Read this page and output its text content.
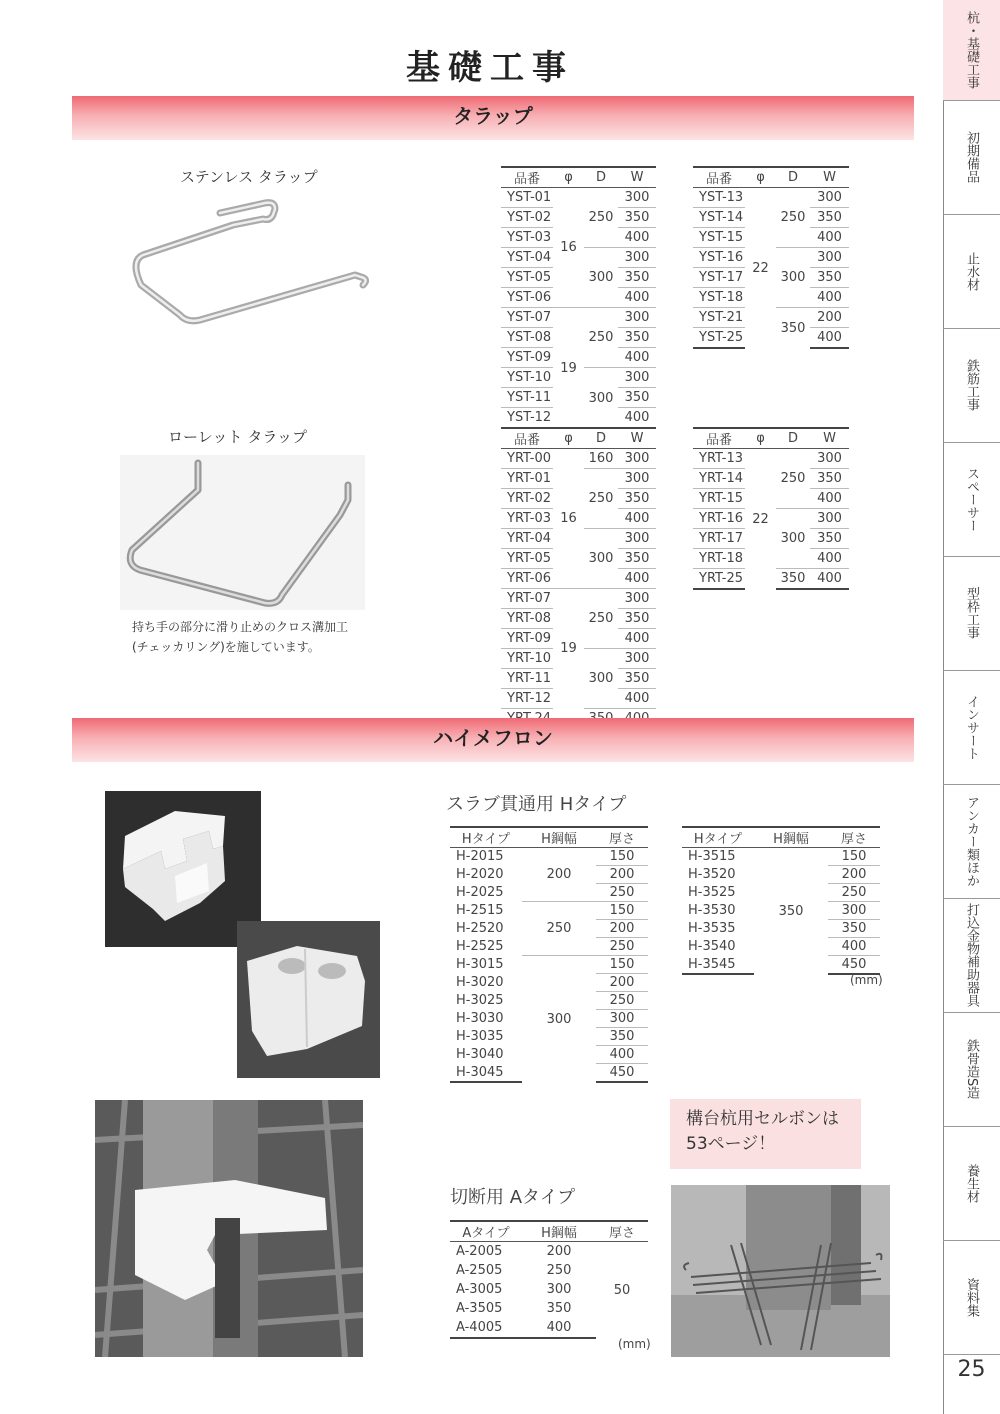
基礎工事
タラップ
ステンレス タラップ
ローレット タラップ
持ち手の部分に滑り止めのクロス溝加工
(チェッカリング)を施しています。
品番	φ	D	W
YST-01	16	250	300
YST-02			350
YST-03			400
YST-04		300	300
YST-05			350
YST-06			400
YST-07	19	250	300
YST-08			350
YST-09			400
YST-10		300	300
YST-11			350
YST-12			400
品番	φ	D	W
YST-13	22	250	300
YST-14			350
YST-15			400
YST-16		300	300
YST-17			350
YST-18			400
YST-21		350	200
YST-25			400
品番	φ	D	W
YRT-00	16	160	300
YRT-01		250	300
YRT-02			350
YRT-03			400
YRT-04		300	300
YRT-05			350
YRT-06			400
YRT-07	19	250	300
YRT-08			350
YRT-09			400
YRT-10		300	300
YRT-11			350
YRT-12			400

品番	φ	D	W
YRT-13	22	250	300
YRT-14			350
YRT-15			400
YRT-16		300	300
YRT-17			350
YRT-18			400
YRT-25		350	400
ハイメフロン
スラブ貫通用 Hタイプ
Hタイプ	H鋼幅	厚さ
H-2015	200	150
H-2020		200
H-2025		250
H-2515	250	150
H-2520		200
H-2525		250
H-3015	300	150
H-3020		200
H-3025		250
H-3030		300
H-3035		350
H-3040		400
H-3045		450
Hタイプ	H鋼幅	厚さ
H-3515	350	150
H-3520		200
H-3525		250
H-3530		300
H-3535		350
H-3540		400
H-3545		450
(mm)
切断用 Aタイプ
Aタイプ	H鋼幅	厚さ
A-2005	200	50
A-2505	250	
A-3005	300	
A-3505	350	
A-4005	400	
(mm)
構台杭用セルボンは
53ページ！
杭・基礎工事
初期備品
止水材
鉄筋工事
スペーサー
型枠工事
インサート
アンカー類ほか
打込金物補助器具
鉄骨造S造
養生材
資料集
25
